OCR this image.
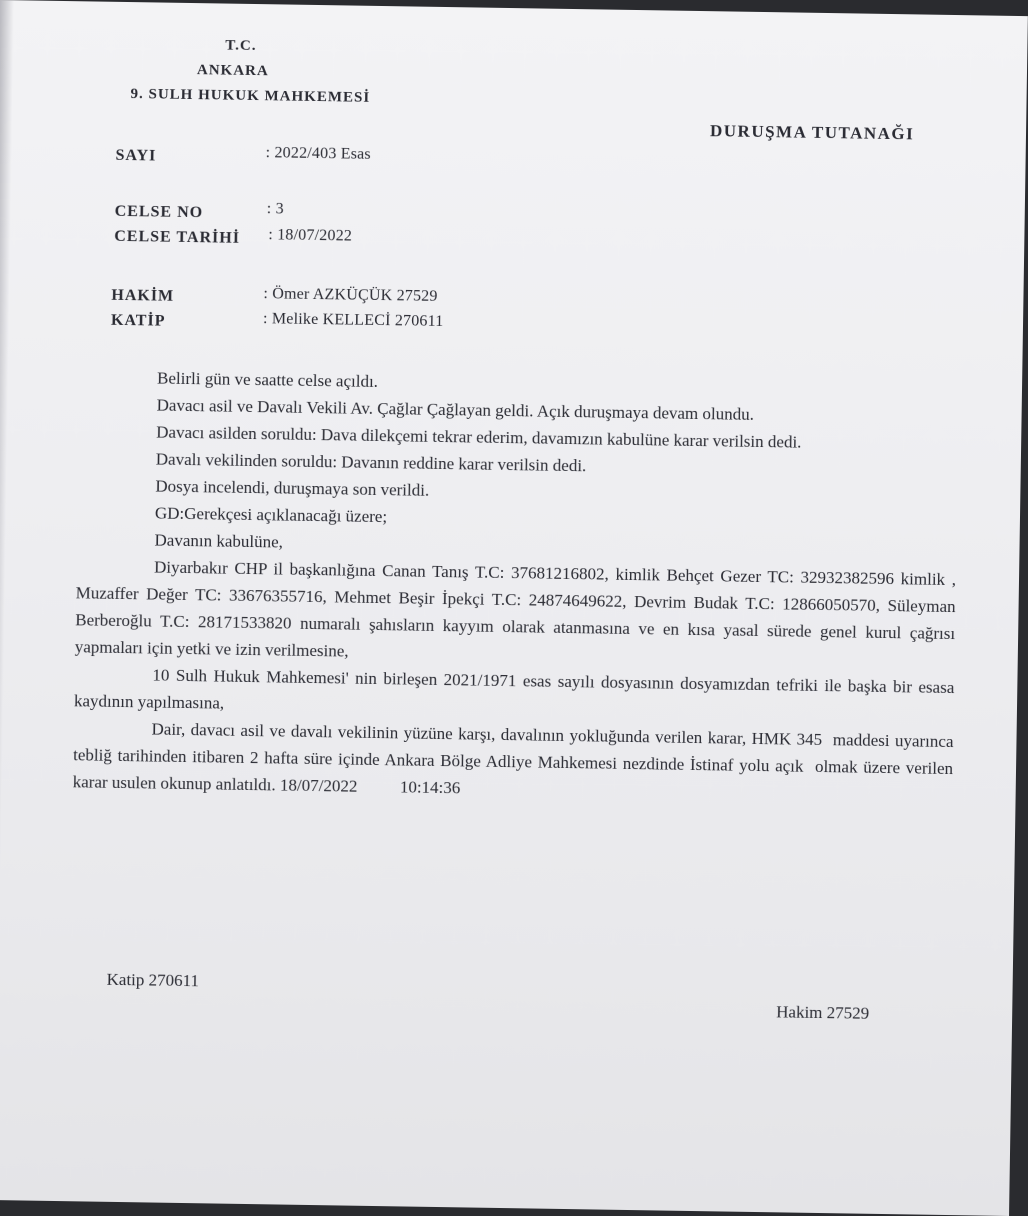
T.C.
ANKARA
9. SULH HUKUK MAHKEMESİ
DURUŞMA TUTANAĞI
SAYI	: 2022/403 Esas
CELSE NO	: 3
CELSE TARİHİ : 18/07/2022
HAKİM	: Ömer AZKÜÇÜK 27529
KATİP	: Melike KELLECİ 270611

Belirli gün ve saatte celse açıldı.

Davacı asil ve Davalı Vekili Av. Çağlar Çağlayan geldi. Açık duruşmaya devam olundu.

Davacı asilden soruldu: Dava dilekçemi tekrar ederim, davamızın kabulüne karar verilsin dedi.

Davalı vekilinden soruldu: Davanın reddine karar verilsin dedi.

Dosya incelendi, duruşmaya son verildi.

GD:Gerekçesi açıklanacağı üzere;

Davanın kabulüne,

Diyarbakır CHP il başkanlığına Canan Tanış T.C: 37681216802, kimlik Behçet Gezer TC: 32932382596 kimlik , Muzaffer Değer TC: 33676355716, Mehmet Beşir İpekçi T.C: 24874649622, Devrim Budak T.C: 12866050570, Süleyman Berberoğlu T.C: 28171533820 numaralı şahısların kayyım olarak atanmasına ve en kısa yasal sürede genel kurul çağrısı yapmaları için yetki ve izin verilmesine,

10 Sulh Hukuk Mahkemesi' nin birleşen 2021/1971 esas sayılı dosyasının dosyamızdan tefriki ile başka bir esasa kaydının yapılmasına,

Dair, davacı asil ve davalı vekilinin yüzüne karşı, davalının yokluğunda verilen karar, HMK 345  maddesi uyarınca tebliğ tarihinden itibaren 2 hafta süre içinde Ankara Bölge Adliye Mahkemesi nezdinde İstinaf yolu açık  olmak üzere verilen karar usulen okunup anlatıldı. 18/07/2022          10:14:36

Katip 270611
Hakim 27529
